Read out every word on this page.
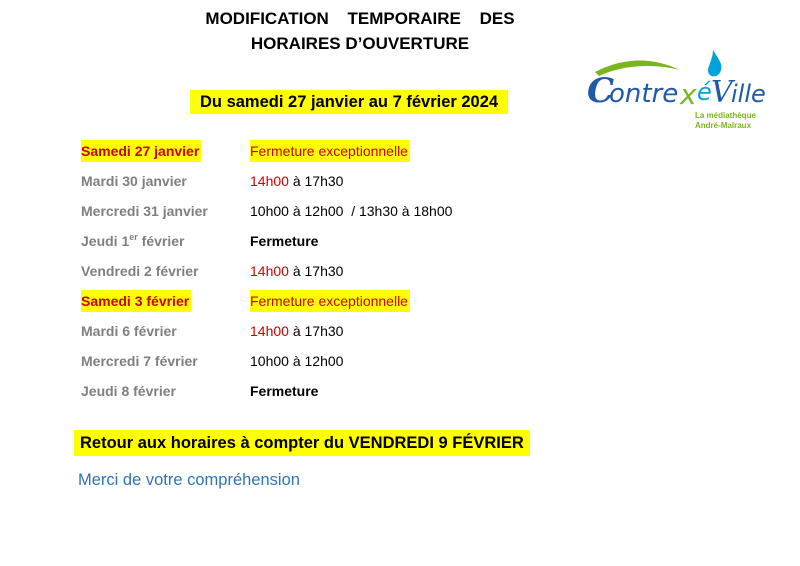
MODIFICATION TEMPORAIRE DES
HORAIRES D’OUVERTURE
Du samedi 27 janvier au 7 février 2024	C
ontre x é V
ille
La médiathèque
André-Malraux
Samedi 27 janvier	Fermeture exceptionnelle
Mardi 30 janvier	14h00 à 17h30
Mercredi 31 janvier	10h00 à 12h00  / 13h30 à 18h00
Jeudi 1er février	Fermeture
Vendredi 2 février	14h00 à 17h30
Samedi 3 février	Fermeture exceptionnelle
Mardi 6 février	14h00 à 17h30
Mercredi 7 février	10h00 à 12h00
Jeudi 8 février	Fermeture
Retour aux horaires à compter du VENDREDI 9 FÉVRIER
Merci de votre compréhension
